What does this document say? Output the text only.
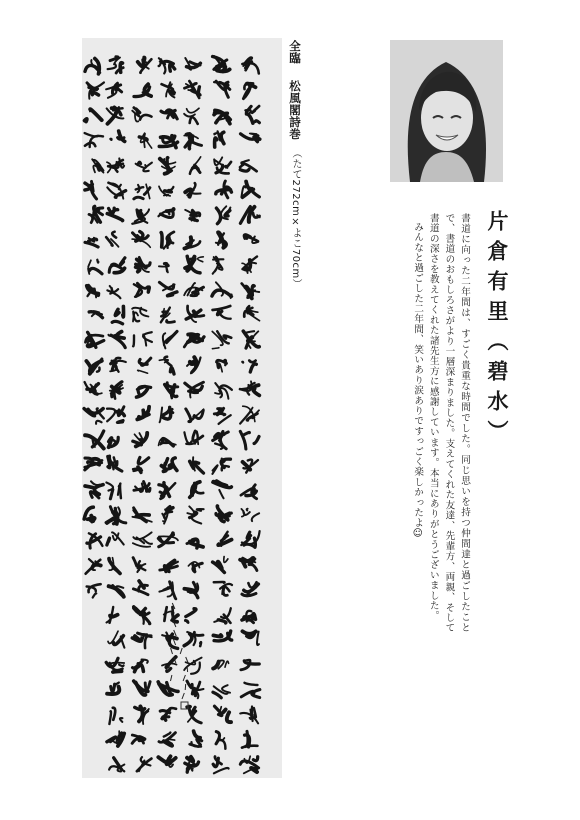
全臨 松風閣詩巻 （たて272cm×よこ70cm）	片倉有里（碧水）
書道に向った二年間は、すごく貴重な時間でした。同じ思いを持つ仲間達と過ごしたことで、書道のおもしろさがより一層深まりました。支えてくれた友達、先輩方、両親、そして書道の深さを教えてくれた諸先生方に感謝しています。本当にありがとうございました。
みんなと過ごした二年間、笑いあり涙ありですっごく楽しかったよ☺
